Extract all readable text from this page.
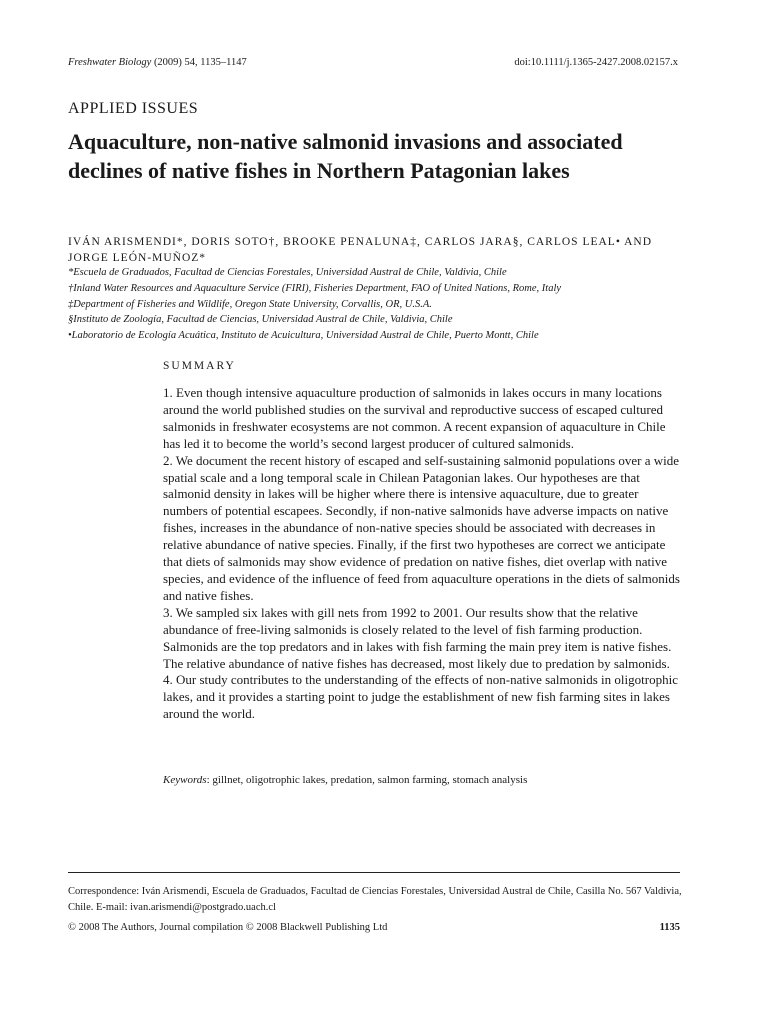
Freshwater Biology (2009) 54, 1135–1147	doi:10.1111/j.1365-2427.2008.02157.x
APPLIED ISSUES
Aquaculture, non-native salmonid invasions and associated declines of native fishes in Northern Patagonian lakes
IVÁN ARISMENDI*, DORIS SOTO†, BROOKE PENALUNA‡, CARLOS JARA§, CARLOS LEAL• AND JORGE LEÓN-MUÑOZ*
*Escuela de Graduados, Facultad de Ciencias Forestales, Universidad Austral de Chile, Valdivia, Chile
†Inland Water Resources and Aquaculture Service (FIRI), Fisheries Department, FAO of United Nations, Rome, Italy
‡Department of Fisheries and Wildlife, Oregon State University, Corvallis, OR, U.S.A.
§Instituto de Zoología, Facultad de Ciencias, Universidad Austral de Chile, Valdivia, Chile
•Laboratorio de Ecología Acuática, Instituto de Acuicultura, Universidad Austral de Chile, Puerto Montt, Chile
SUMMARY

1. Even though intensive aquaculture production of salmonids in lakes occurs in many locations around the world published studies on the survival and reproductive success of escaped cultured salmonids in freshwater ecosystems are not common. A recent expansion of aquaculture in Chile has led it to become the world’s second largest producer of cultured salmonids.

2. We document the recent history of escaped and self-sustaining salmonid populations over a wide spatial scale and a long temporal scale in Chilean Patagonian lakes. Our hypotheses are that salmonid density in lakes will be higher where there is intensive aquaculture, due to greater numbers of potential escapees. Secondly, if non-native salmonids have adverse impacts on native fishes, increases in the abundance of non-native species should be associated with decreases in relative abundance of native species. Finally, if the first two hypotheses are correct we anticipate that diets of salmonids may show evidence of predation on native fishes, diet overlap with native species, and evidence of the influence of feed from aquaculture operations in the diets of salmonids and native fishes.

3. We sampled six lakes with gill nets from 1992 to 2001. Our results show that the relative abundance of free-living salmonids is closely related to the level of fish farming production. Salmonids are the top predators and in lakes with fish farming the main prey item is native fishes. The relative abundance of native fishes has decreased, most likely due to predation by salmonids.

4. Our study contributes to the understanding of the effects of non-native salmonids in oligotrophic lakes, and it provides a starting point to judge the establishment of new fish farming sites in lakes around the world.

Keywords: gillnet, oligotrophic lakes, predation, salmon farming, stomach analysis
Correspondence: Iván Arismendi, Escuela de Graduados, Facultad de Ciencias Forestales, Universidad Austral de Chile, Casilla No. 567 Valdivia, Chile. E-mail: ivan.arismendi@postgrado.uach.cl
© 2008 The Authors, Journal compilation © 2008 Blackwell Publishing Ltd	1135
